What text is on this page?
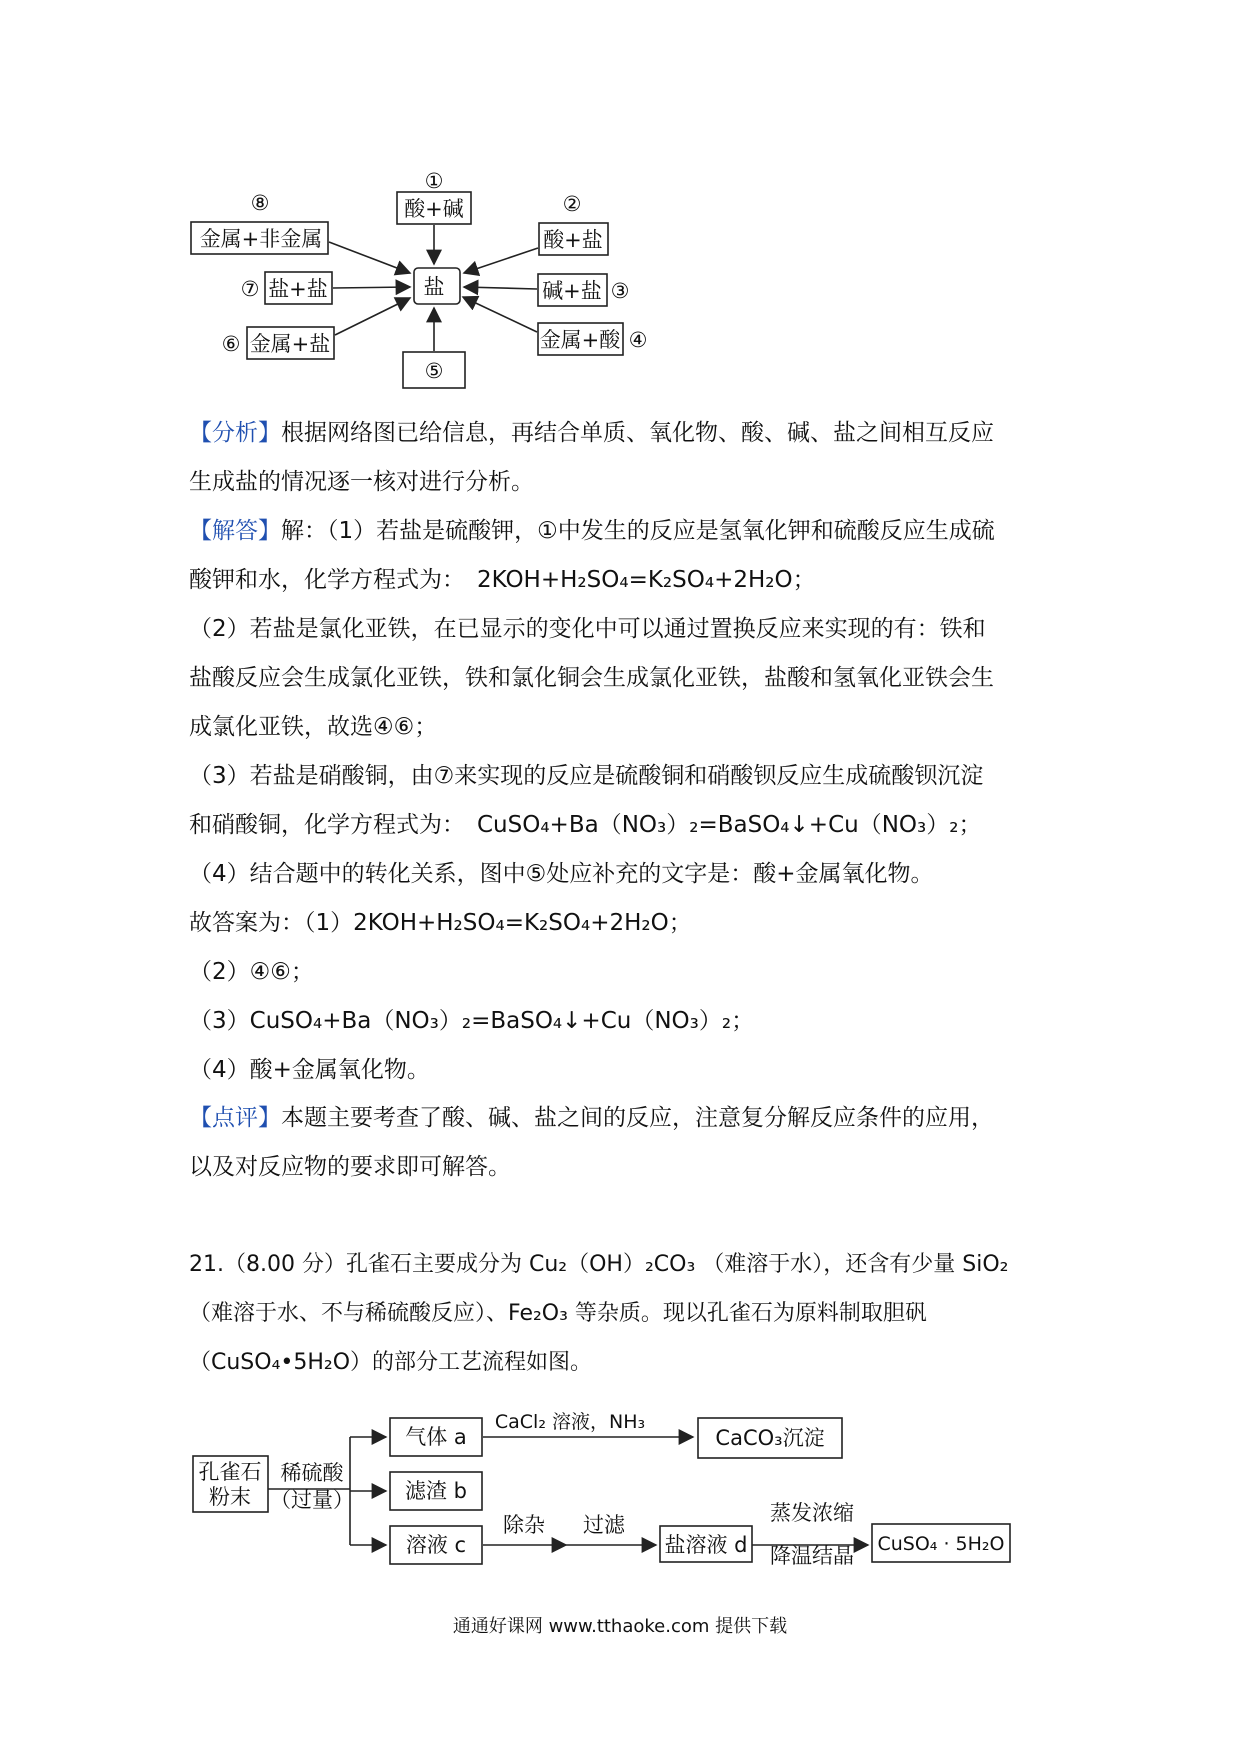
盐
①
酸+碱	②
酸+盐
碱+盐 ③
金属+酸 ④
⑤
金属+盐
⑥
盐+盐
⑦
金属+非金属
⑧
【分析】根据网络图已给信息，再结合单质、氧化物、酸、碱、盐之间相互反应
生成盐的情况逐一核对进行分析。
【解答】解：（1）若盐是硫酸钾，①中发生的反应是氢氧化钾和硫酸反应生成硫
酸钾和水，化学方程式为： 2KOH+H₂SO₄=K₂SO₄+2H₂O；
（2）若盐是氯化亚铁，在已显示的变化中可以通过置换反应来实现的有：铁和
盐酸反应会生成氯化亚铁，铁和氯化铜会生成氯化亚铁，盐酸和氢氧化亚铁会生
成氯化亚铁，故选④⑥；
（3）若盐是硝酸铜，由⑦来实现的反应是硫酸铜和硝酸钡反应生成硫酸钡沉淀
和硝酸铜，化学方程式为： CuSO₄+Ba（NO₃）₂=BaSO₄↓+Cu（NO₃）₂；
（4）结合题中的转化关系，图中⑤处应补充的文字是：酸+金属氧化物。
故答案为：（1）2KOH+H₂SO₄=K₂SO₄+2H₂O；
（2）④⑥；
（3）CuSO₄+Ba（NO₃）₂=BaSO₄↓+Cu（NO₃）₂；
（4）酸+金属氧化物。
【点评】本题主要考查了酸、碱、盐之间的反应，注意复分解反应条件的应用，
以及对反应物的要求即可解答。
21.（8.00 分）孔雀石主要成分为 Cu₂（OH）₂CO₃ （难溶于水），还含有少量 SiO₂
（难溶于水、不与稀硫酸反应）、Fe₂O₃ 等杂质。现以孔雀石为原料制取胆矾
（CuSO₄•5H₂O）的部分工艺流程如图。
孔雀石
粉末
稀硫酸
（过量）
气体 a
滤渣 b
溶液 c
CaCl₂ 溶液，NH₃
CaCO₃沉淀
除杂 过滤
盐溶液 d
蒸发浓缩
降温结晶 CuSO₄ · 5H₂O
通通好课网 www.tthaoke.com 提供下载
